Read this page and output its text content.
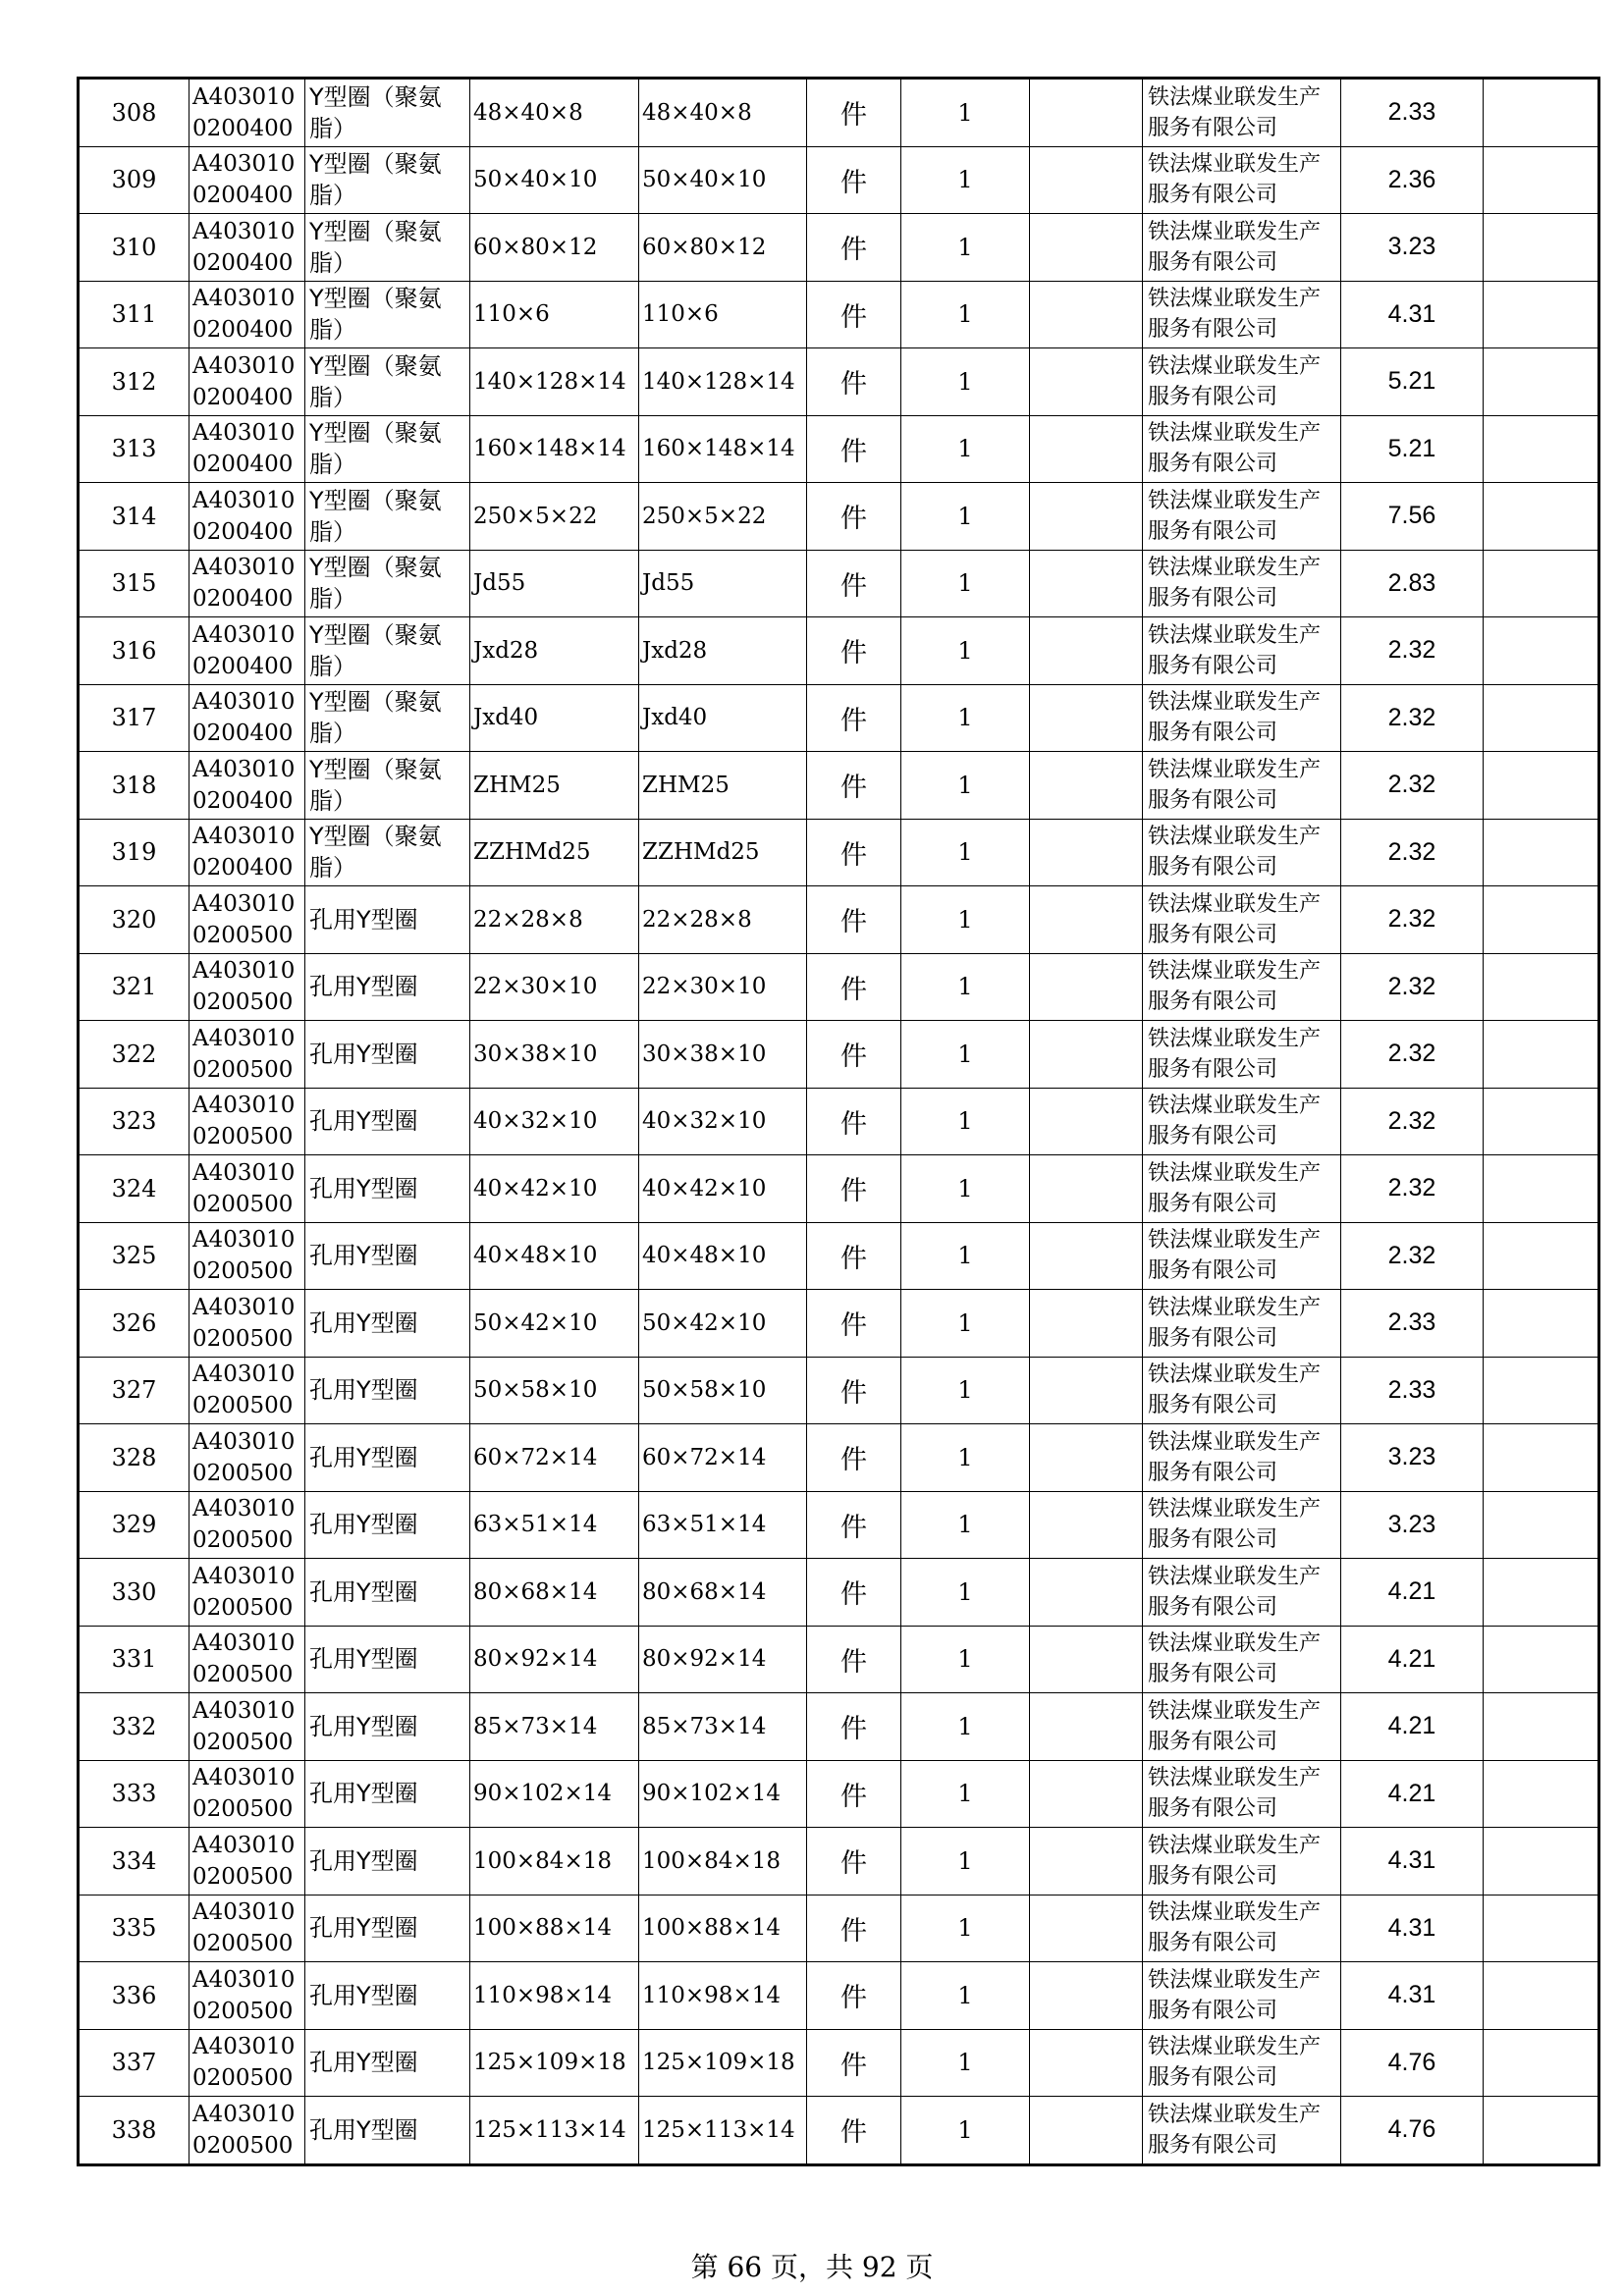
308	A403010 0200400	Y型圈（聚氨脂）	48×40×8	48×40×8	件	1		铁法煤业联发生产服务有限公司	2.33	
309	A403010 0200400	Y型圈（聚氨脂）	50×40×10	50×40×10	件	1		铁法煤业联发生产服务有限公司	2.36	
310	A403010 0200400	Y型圈（聚氨脂）	60×80×12	60×80×12	件	1		铁法煤业联发生产服务有限公司	3.23	
311	A403010 0200400	Y型圈（聚氨脂）	110×6	110×6	件	1		铁法煤业联发生产服务有限公司	4.31	
312	A403010 0200400	Y型圈（聚氨脂）	140×128×14	140×128×14	件	1		铁法煤业联发生产服务有限公司	5.21	
313	A403010 0200400	Y型圈（聚氨脂）	160×148×14	160×148×14	件	1		铁法煤业联发生产服务有限公司	5.21	
314	A403010 0200400	Y型圈（聚氨脂）	250×5×22	250×5×22	件	1		铁法煤业联发生产服务有限公司	7.56	
315	A403010 0200400	Y型圈（聚氨脂）	Jd55	Jd55	件	1		铁法煤业联发生产服务有限公司	2.83	
316	A403010 0200400	Y型圈（聚氨脂）	Jxd28	Jxd28	件	1		铁法煤业联发生产服务有限公司	2.32	
317	A403010 0200400	Y型圈（聚氨脂）	Jxd40	Jxd40	件	1		铁法煤业联发生产服务有限公司	2.32	
318	A403010 0200400	Y型圈（聚氨脂）	ZHM25	ZHM25	件	1		铁法煤业联发生产服务有限公司	2.32	
319	A403010 0200400	Y型圈（聚氨脂）	ZZHMd25	ZZHMd25	件	1		铁法煤业联发生产服务有限公司	2.32	
320	A403010 0200500	孔用Y型圈	22×28×8	22×28×8	件	1		铁法煤业联发生产服务有限公司	2.32	
321	A403010 0200500	孔用Y型圈	22×30×10	22×30×10	件	1		铁法煤业联发生产服务有限公司	2.32	
322	A403010 0200500	孔用Y型圈	30×38×10	30×38×10	件	1		铁法煤业联发生产服务有限公司	2.32	
323	A403010 0200500	孔用Y型圈	40×32×10	40×32×10	件	1		铁法煤业联发生产服务有限公司	2.32	
324	A403010 0200500	孔用Y型圈	40×42×10	40×42×10	件	1		铁法煤业联发生产服务有限公司	2.32	
325	A403010 0200500	孔用Y型圈	40×48×10	40×48×10	件	1		铁法煤业联发生产服务有限公司	2.32	
326	A403010 0200500	孔用Y型圈	50×42×10	50×42×10	件	1		铁法煤业联发生产服务有限公司	2.33	
327	A403010 0200500	孔用Y型圈	50×58×10	50×58×10	件	1		铁法煤业联发生产服务有限公司	2.33	
328	A403010 0200500	孔用Y型圈	60×72×14	60×72×14	件	1		铁法煤业联发生产服务有限公司	3.23	
329	A403010 0200500	孔用Y型圈	63×51×14	63×51×14	件	1		铁法煤业联发生产服务有限公司	3.23	
330	A403010 0200500	孔用Y型圈	80×68×14	80×68×14	件	1		铁法煤业联发生产服务有限公司	4.21	
331	A403010 0200500	孔用Y型圈	80×92×14	80×92×14	件	1		铁法煤业联发生产服务有限公司	4.21	
332	A403010 0200500	孔用Y型圈	85×73×14	85×73×14	件	1		铁法煤业联发生产服务有限公司	4.21	
333	A403010 0200500	孔用Y型圈	90×102×14	90×102×14	件	1		铁法煤业联发生产服务有限公司	4.21	
334	A403010 0200500	孔用Y型圈	100×84×18	100×84×18	件	1		铁法煤业联发生产服务有限公司	4.31	
335	A403010 0200500	孔用Y型圈	100×88×14	100×88×14	件	1		铁法煤业联发生产服务有限公司	4.31	
336	A403010 0200500	孔用Y型圈	110×98×14	110×98×14	件	1		铁法煤业联发生产服务有限公司	4.31	
337	A403010 0200500	孔用Y型圈	125×109×18	125×109×18	件	1		铁法煤业联发生产服务有限公司	4.76	
338	A403010 0200500	孔用Y型圈	125×113×14	125×113×14	件	1		铁法煤业联发生产服务有限公司	4.76	
第 66 页，共 92 页
